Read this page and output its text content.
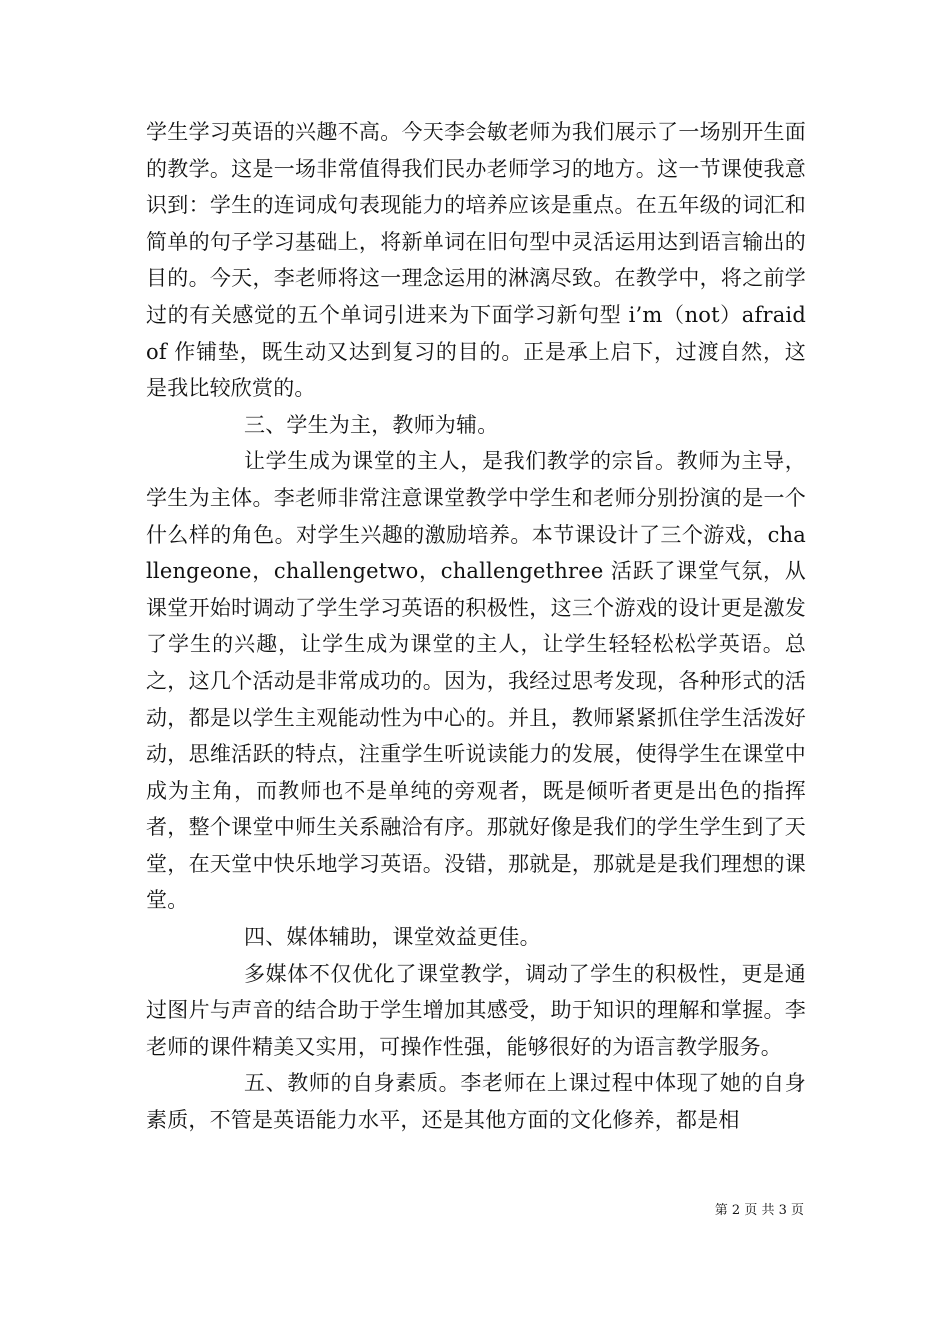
学生学习英语的兴趣不高。今天李会敏老师为我们展示了一场别开生面的教学。这是一场非常值得我们民办老师学习的地方。这一节课使我意识到：学生的连词成句表现能力的培养应该是重点。在五年级的词汇和简单的句子学习基础上，将新单词在旧句型中灵活运用达到语言输出的目的。今天，李老师将这一理念运用的淋漓尽致。在教学中，将之前学过的有关感觉的五个单词引进来为下面学习新句型 i’m（not）afraidof 作铺垫，既生动又达到复习的目的。正是承上启下，过渡自然，这是我比较欣赏的。

三、学生为主，教师为辅。

让学生成为课堂的主人，是我们教学的宗旨。教师为主导，学生为主体。李老师非常注意课堂教学中学生和老师分别扮演的是一个什么样的角色。对学生兴趣的激励培养。本节课设计了三个游戏，challengeone，challengetwo，challengethree 活跃了课堂气氛，从课堂开始时调动了学生学习英语的积极性，这三个游戏的设计更是激发了学生的兴趣，让学生成为课堂的主人，让学生轻轻松松学英语。总之，这几个活动是非常成功的。因为，我经过思考发现，各种形式的活动，都是以学生主观能动性为中心的。并且，教师紧紧抓住学生活泼好动，思维活跃的特点，注重学生听说读能力的发展，使得学生在课堂中成为主角，而教师也不是单纯的旁观者，既是倾听者更是出色的指挥者，整个课堂中师生关系融洽有序。那就好像是我们的学生学生到了天堂，在天堂中快乐地学习英语。没错，那就是，那就是是我们理想的课堂。

四、媒体辅助，课堂效益更佳。

多媒体不仅优化了课堂教学，调动了学生的积极性，更是通过图片与声音的结合助于学生增加其感受，助于知识的理解和掌握。李老师的课件精美又实用，可操作性强，能够很好的为语言教学服务。

五、教师的自身素质。李老师在上课过程中体现了她的自身素质，不管是英语能力水平，还是其他方面的文化修养，都是相

第 2 页 共 3 页
